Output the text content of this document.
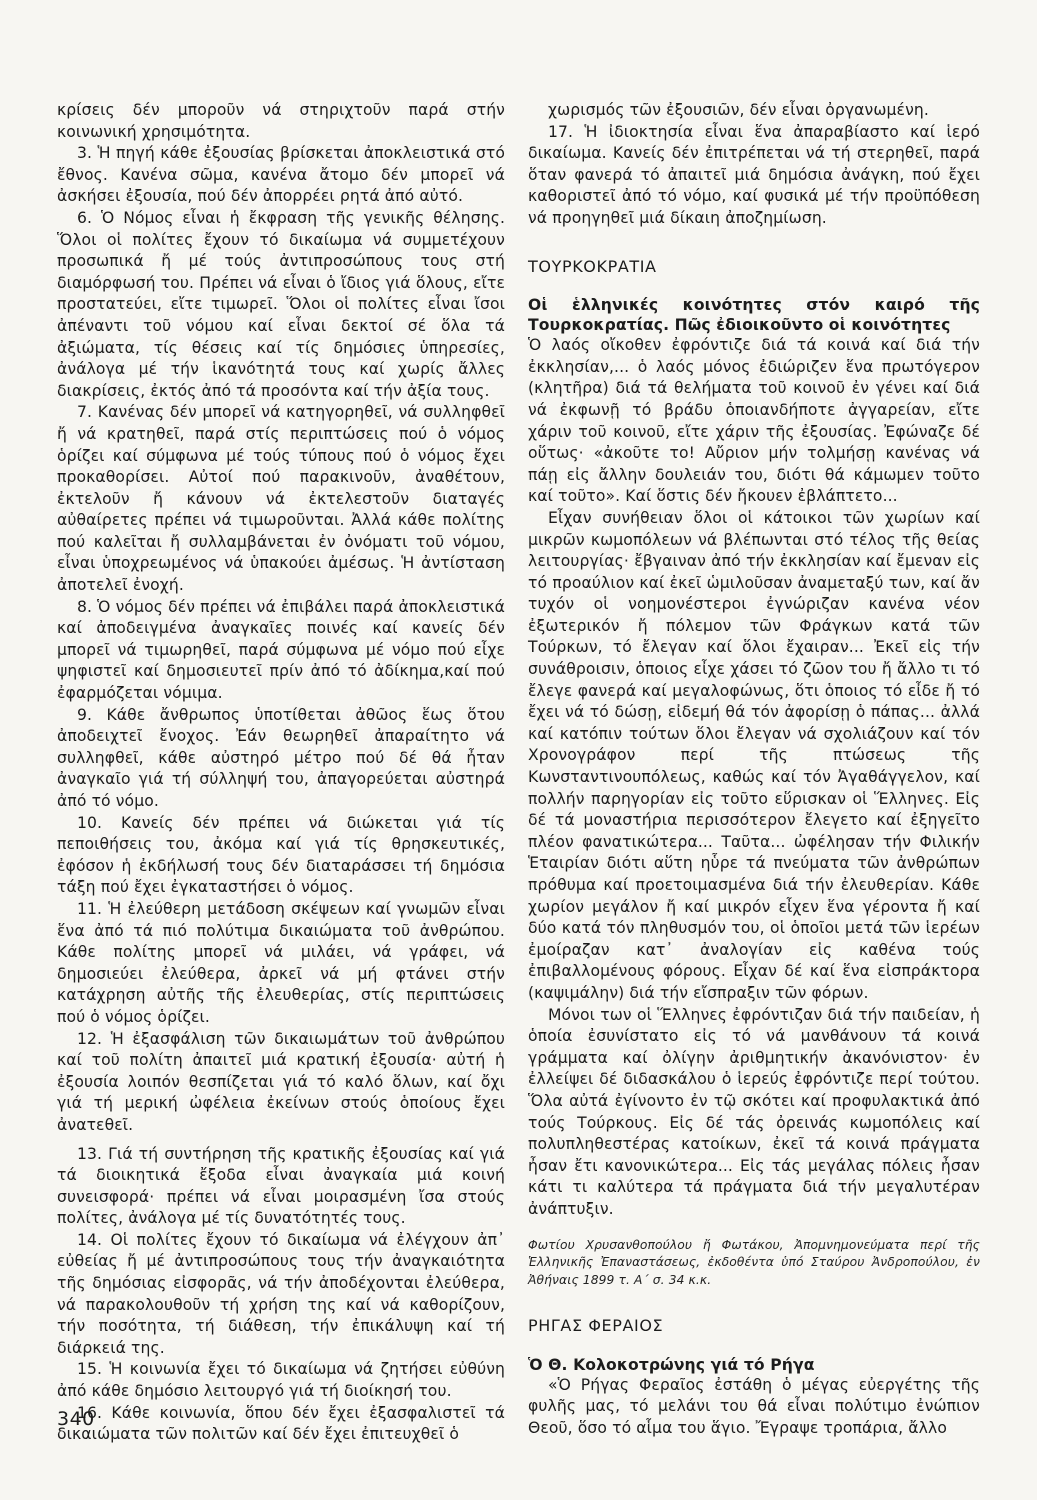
κρίσεις δέν μποροῦν νά στηριχτοῦν παρά στήν κοινωνική χρησιμότητα.

3. Ἡ πηγή κάθε ἐξουσίας βρίσκεται ἀποκλειστικά στό ἔθνος. Κανένα σῶμα, κανένα ἄτομο δέν μπορεῖ νά ἀσκήσει ἐξουσία, πού δέν ἀπορρέει ρητά ἀπό αὐτό.

6. Ὁ Νόμος εἶναι ἡ ἔκφραση τῆς γενικῆς θέλησης. Ὅλοι οἱ πολίτες ἔχουν τό δικαίωμα νά συμμετέχουν προσωπικά ἤ μέ τούς ἀντιπροσώπους τους στή διαμόρφωσή του. Πρέπει νά εἶναι ὁ ἴδιος γιά ὅλους, εἴτε προστατεύει, εἴτε τιμωρεῖ. Ὅλοι οἱ πολίτες εἶναι ἴσοι ἀπέναντι τοῦ νόμου καί εἶναι δεκτοί σέ ὅλα τά ἀξιώματα, τίς θέσεις καί τίς δημόσιες ὑπηρεσίες, ἀνάλογα μέ τήν ἱκανότητά τους καί χωρίς ἄλλες διακρίσεις, ἐκτός ἀπό τά προσόντα καί τήν ἀξία τους.

7. Κανένας δέν μπορεῖ νά κατηγορηθεῖ, νά συλληφθεῖ ἤ νά κρατηθεῖ, παρά στίς περιπτώσεις πού ὁ νόμος ὁρίζει καί σύμφωνα μέ τούς τύπους πού ὁ νόμος ἔχει προκαθορίσει. Αὐτοί πού παρακινοῦν, ἀναθέτουν, ἐκτελοῦν ἤ κάνουν νά ἐκτελεστοῦν διαταγές αὐθαίρετες πρέπει νά τιμωροῦνται. Ἀλλά κάθε πολίτης πού καλεῖται ἤ συλλαμβάνεται ἐν ὀνόματι τοῦ νόμου, εἶναι ὑποχρεωμένος νά ὑπακούει ἀμέσως. Ἡ ἀντίσταση ἀποτελεῖ ἐνοχή.

8. Ὁ νόμος δέν πρέπει νά ἐπιβάλει παρά ἀποκλειστικά καί ἀποδειγμένα ἀναγκαῖες ποινές καί κανείς δέν μπορεῖ νά τιμωρηθεῖ, παρά σύμφωνα μέ νόμο πού εἶχε ψηφιστεῖ καί δημοσιευτεῖ πρίν ἀπό τό ἀδίκημα,καί πού ἐφαρμόζεται νόμιμα.

9. Κάθε ἄνθρωπος ὑποτίθεται ἀθῶος ἕως ὅτου ἀποδειχτεῖ ἔνοχος. Ἐάν θεωρηθεῖ ἀπαραίτητο νά συλληφθεῖ, κάθε αὐστηρό μέτρο πού δέ θά ἦταν ἀναγκαῖο γιά τή σύλληψή του, ἀπαγορεύεται αὐστηρά ἀπό τό νόμο.

10. Κανείς δέν πρέπει νά διώκεται γιά τίς πεποιθήσεις του, ἀκόμα καί γιά τίς θρησκευτικές, ἐφόσον ἡ ἐκδήλωσή τους δέν διαταράσσει τή δημόσια τάξη πού ἔχει ἐγκαταστήσει ὁ νόμος.

11. Ἡ ἐλεύθερη μετάδοση σκέψεων καί γνωμῶν εἶναι ἕνα ἀπό τά πιό πολύτιμα δικαιώματα τοῦ ἀνθρώπου. Κάθε πολίτης μπορεῖ νά μιλάει, νά γράφει, νά δημοσιεύει ἐλεύθερα, ἀρκεῖ νά μή φτάνει στήν κατάχρηση αὐτῆς τῆς ἐλευθερίας, στίς περιπτώσεις πού ὁ νόμος ὁρίζει.

12. Ἡ ἐξασφάλιση τῶν δικαιωμάτων τοῦ ἀνθρώπου καί τοῦ πολίτη ἀπαιτεῖ μιά κρατική ἐξουσία· αὐτή ἡ ἐξουσία λοιπόν θεσπίζεται γιά τό καλό ὅλων, καί ὄχι γιά τή μερική ὠφέλεια ἐκείνων στούς ὁποίους ἔχει ἀνατεθεῖ.

13. Γιά τή συντήρηση τῆς κρατικῆς ἐξουσίας καί γιά τά διοικητικά ἔξοδα εἶναι ἀναγκαία μιά κοινή συνεισφορά· πρέπει νά εἶναι μοιρασμένη ἴσα στούς πολίτες, ἀνάλογα μέ τίς δυνατότητές τους.

14. Οἱ πολίτες ἔχουν τό δικαίωμα νά ἐλέγχουν ἀπ᾽ εὐθείας ἤ μέ ἀντιπροσώπους τους τήν ἀναγκαιότητα τῆς δημόσιας εἰσφορᾶς, νά τήν ἀποδέχονται ἐλεύθερα, νά παρακολουθοῦν τή χρήση της καί νά καθορίζουν, τήν ποσότητα, τή διάθεση, τήν ἐπικάλυψη καί τή διάρκειά της.

15. Ἡ κοινωνία ἔχει τό δικαίωμα νά ζητήσει εὐθύνη ἀπό κάθε δημόσιο λειτουργό γιά τή διοίκησή του.

16. Κάθε κοινωνία, ὅπου δέν ἔχει ἐξασφαλιστεῖ τά δικαιώματα τῶν πολιτῶν καί δέν ἔχει ἐπιτευχθεῖ ὁ

χωρισμός τῶν ἐξουσιῶν, δέν εἶναι ὀργανωμένη.

17. Ἡ ἰδιοκτησία εἶναι ἕνα ἀπαραβίαστο καί ἱερό δικαίωμα. Κανείς δέν ἐπιτρέπεται νά τή στερηθεῖ, παρά ὅταν φανερά τό ἀπαιτεῖ μιά δημόσια ἀνάγκη, πού ἔχει καθοριστεῖ ἀπό τό νόμο, καί φυσικά μέ τήν προϋπόθεση νά προηγηθεῖ μιά δίκαιη ἀποζημίωση.

ΤΟΥΡΚΟΚΡΑΤΙΑ

Οἱ ἑλληνικές κοινότητες στόν καιρό τῆς Τουρκοκρατίας. Πῶς ἐδιοικοῦντο οἱ κοινότητες

Ὁ λαός οἴκοθεν ἐφρόντιζε διά τά κοινά καί διά τήν ἐκκλησίαν,... ὁ λαός μόνος ἐδιώριζεν ἕνα πρωτόγερον (κλητῆρα) διά τά θελήματα τοῦ κοινοῦ ἐν γένει καί διά νά ἐκφωνῇ τό βράδυ ὁποιανδήποτε ἀγγαρείαν, εἴτε χάριν τοῦ κοινοῦ, εἴτε χάριν τῆς ἐξουσίας. Ἐφώναζε δέ οὕτως· «ἀκοῦτε το! Αὔριον μήν τολμήσῃ κανένας νά πάῃ εἰς ἄλλην δουλειάν του, διότι θά κάμωμεν τοῦτο καί τοῦτο». Καί ὅστις δέν ἤκουεν ἐβλάπτετο...

Εἶχαν συνήθειαν ὅλοι οἱ κάτοικοι τῶν χωρίων καί μικρῶν κωμοπόλεων νά βλέπωνται στό τέλος τῆς θείας λειτουργίας· ἔβγαιναν ἀπό τήν ἐκκλησίαν καί ἔμεναν εἰς τό προαύλιον καί ἐκεῖ ὡμιλοῦσαν ἀναμεταξύ των, καί ἄν τυχόν οἱ νοημονέστεροι ἐγνώριζαν κανένα νέον ἐξωτερικόν ἤ πόλεμον τῶν Φράγκων κατά τῶν Τούρκων, τό ἔλεγαν καί ὅλοι ἔχαιραν... Ἐκεῖ εἰς τήν συνάθροισιν, ὁποιος εἶχε χάσει τό ζῶον του ἤ ἄλλο τι τό ἔλεγε φανερά καί μεγαλοφώνως, ὅτι ὁποιος τό εἶδε ἤ τό ἔχει νά τό δώσῃ, εἰδεμή θά τόν ἀφορίσῃ ὁ πάπας... ἀλλά καί κατόπιν τούτων ὅλοι ἔλεγαν νά σχολιάζουν καί τόν Χρονογράφον περί τῆς πτώσεως τῆς Κωνσταντινουπόλεως, καθώς καί τόν Ἀγαθάγγελον, καί πολλήν παρηγορίαν εἰς τοῦτο εὕρισκαν οἱ Ἕλληνες. Εἰς δέ τά μοναστήρια περισσότερον ἔλεγετο καί ἐξηγεῖτο πλέον φανατικώτερα... Ταῦτα... ὠφέλησαν τήν Φιλικήν Ἑταιρίαν διότι αὕτη ηὗρε τά πνεύματα τῶν ἀνθρώπων πρόθυμα καί προετοιμασμένα διά τήν ἐλευθερίαν. Κάθε χωρίον μεγάλον ἤ καί μικρόν εἶχεν ἕνα γέροντα ἤ καί δύο κατά τόν πληθυσμόν του, οἱ ὁποῖοι μετά τῶν ἱερέων ἐμοίραζαν κατ᾽ ἀναλογίαν εἰς καθένα τούς ἐπιβαλλομένους φόρους. Εἶχαν δέ καί ἕνα εἰσπράκτορα (καψιμάλην) διά τήν εἴσπραξιν τῶν φόρων.

Μόνοι των οἱ Ἕλληνες ἐφρόντιζαν διά τήν παιδείαν, ἡ ὁποία ἐσυνίστατο εἰς τό νά μανθάνουν τά κοινά γράμματα καί ὀλίγην ἀριθμητικήν ἀκανόνιστον· ἐν ἐλλείψει δέ διδασκάλου ὁ ἱερεύς ἐφρόντιζε περί τούτου. Ὅλα αὐτά ἐγίνοντο ἐν τῷ σκότει καί προφυλακτικά ἀπό τούς Τούρκους. Εἰς δέ τάς ὀρεινάς κωμοπόλεις καί πολυπληθεστέρας κατοίκων, ἐκεῖ τά κοινά πράγματα ἦσαν ἔτι κανονικώτερα... Εἰς τάς μεγάλας πόλεις ἦσαν κάτι τι καλύτερα τά πράγματα διά τήν μεγαλυτέραν ἀνάπτυξιν.

Φωτίου Χρυσανθοπούλου ἤ Φωτάκου, Ἀπομνημονεύματα περί τῆς Ἑλληνικῆς Ἐπαναστάσεως, ἐκδοθέντα ὑπό Σταύρου Ἀνδροπούλου, ἐν Ἀθήναις 1899 τ. Α΄ σ. 34 κ.κ.

ΡΗΓΑΣ ΦΕΡΑΙΟΣ

Ὁ Θ. Κολοκοτρώνης γιά τό Ρήγα

«Ὁ Ρήγας Φεραῖος ἐστάθη ὁ μέγας εὐεργέτης τῆς φυλῆς μας, τό μελάνι του θά εἶναι πολύτιμο ἐνώπιον Θεοῦ, ὅσο τό αἷμα του ἅγιο. Ἔγραψε τροπάρια, ἄλλο

340
